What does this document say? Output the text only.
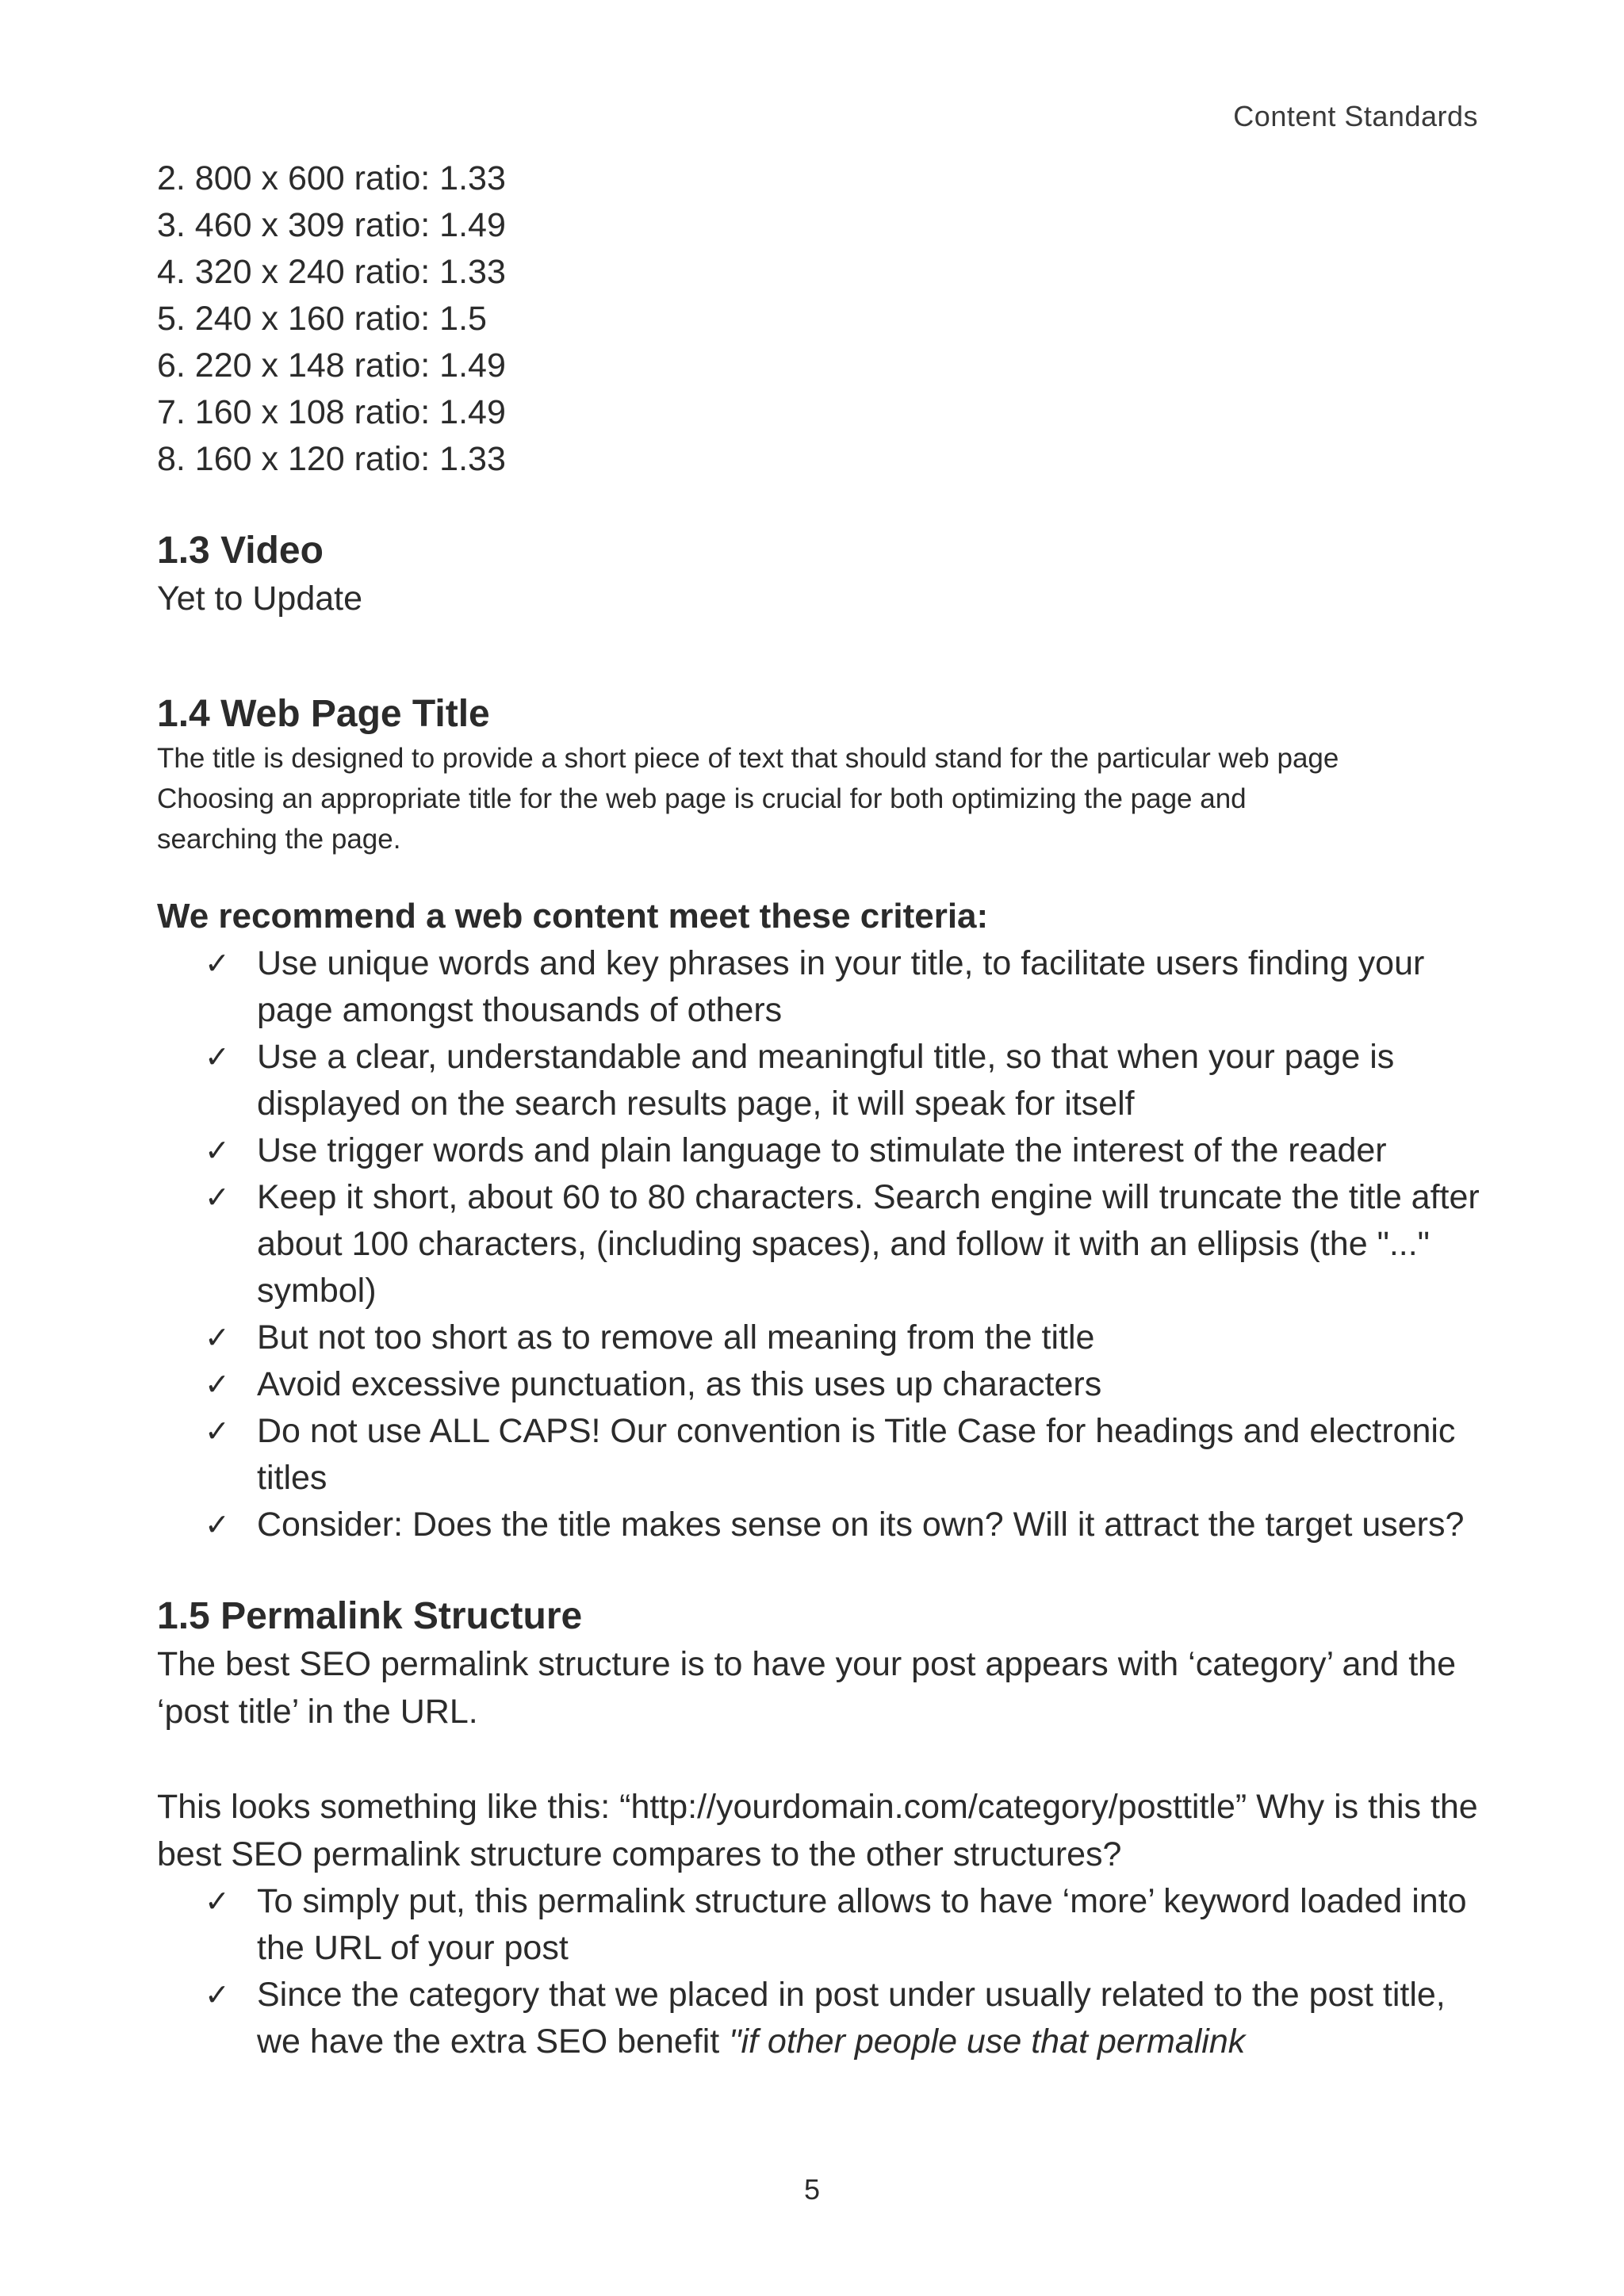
Content Standards
2. 800 x 600 ratio: 1.33
3. 460 x 309 ratio: 1.49
4. 320 x 240 ratio: 1.33
5. 240 x 160 ratio: 1.5
6. 220 x 148 ratio: 1.49
7. 160 x 108 ratio: 1.49
8. 160 x 120 ratio: 1.33
1.3 Video

Yet to Update

1.4 Web Page Title

The title is designed to provide a short piece of text that should stand for the particular web page

Choosing an appropriate title for the web page is crucial for both optimizing the page and

searching the page.

We recommend a web content meet these criteria:
✓ Use unique words and key phrases in your title, to facilitate users finding your page amongst thousands of others
✓ Use a clear, understandable and meaningful title, so that when your page is displayed on the search results page, it will speak for itself
✓ Use trigger words and plain language to stimulate the interest of the reader
✓ Keep it short, about 60 to 80 characters. Search engine will truncate the title after about 100 characters, (including spaces), and follow it with an ellipsis (the "..." symbol)
✓ But not too short as to remove all meaning from the title
✓ Avoid excessive punctuation, as this uses up characters
✓ Do not use ALL CAPS! Our convention is Title Case for headings and electronic titles
✓ Consider: Does the title makes sense on its own? Will it attract the target users?
1.5 Permalink Structure

The best SEO permalink structure is to have your post appears with ‘category’ and the ‘post title’ in the URL.

This looks something like this: “http://yourdomain.com/category/posttitle” Why is this the best SEO permalink structure compares to the other structures?

✓ To simply put, this permalink structure allows to have ‘more’ keyword loaded into the URL of your post
✓ Since the category that we placed in post under usually related to the post title, we have the extra SEO benefit "if other people use that permalink
5
